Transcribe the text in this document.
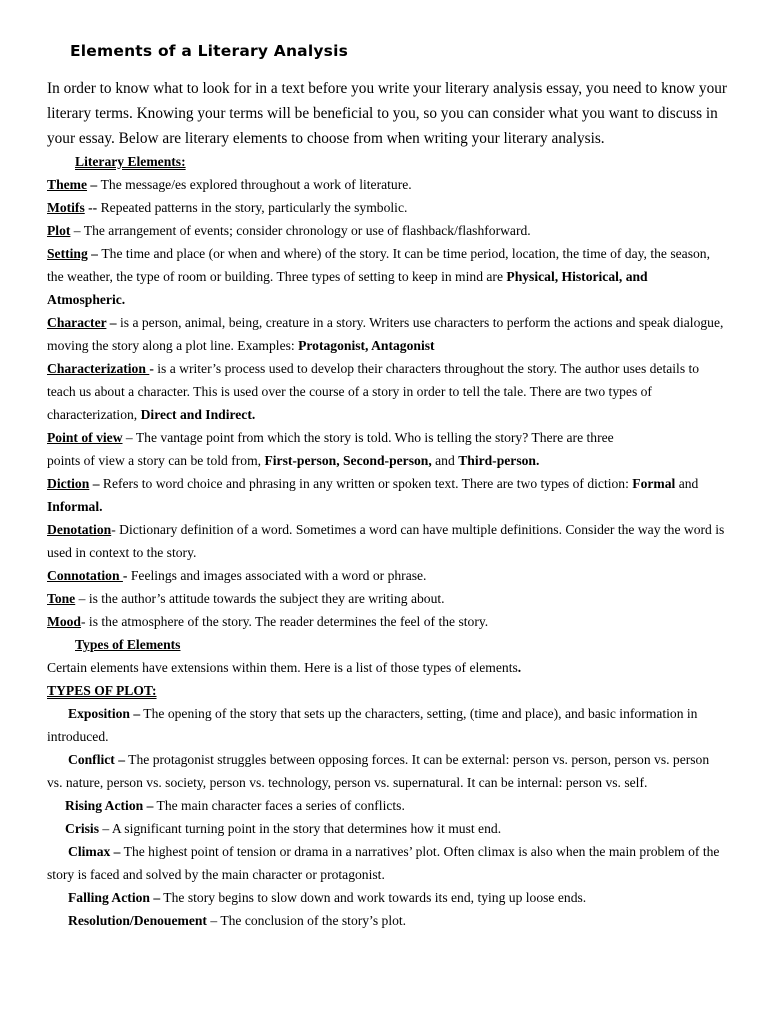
Elements of a Literary Analysis
In order to know what to look for in a text before you write your literary analysis essay, you need to know your literary terms. Knowing your terms will be beneficial to you, so you can consider what you want to discuss in your essay. Below are literary elements to choose from when writing your literary analysis.

Literary Elements:

Theme – The message/es explored throughout a work of literature.

Motifs -- Repeated patterns in the story, particularly the symbolic.

Plot – The arrangement of events; consider chronology or use of flashback/flashforward.

Setting – The time and place (or when and where) of the story. It can be time period, location, the time of day, the season, the weather, the type of room or building. Three types of setting to keep in mind are Physical, Historical, and Atmospheric.

Character – is a person, animal, being, creature in a story. Writers use characters to perform the actions and speak dialogue, moving the story along a plot line. Examples: Protagonist, Antagonist

Characterization - is a writer’s process used to develop their characters throughout the story. The author uses details to teach us about a character. This is used over the course of a story in order to tell the tale. There are two types of characterization, Direct and Indirect.

Point of view – The vantage point from which the story is told. Who is telling the story? There are three

points of view a story can be told from, First-person, Second-person, and Third-person.

Diction – Refers to word choice and phrasing in any written or spoken text. There are two types of diction: Formal and Informal.

Denotation- Dictionary definition of a word. Sometimes a word can have multiple definitions. Consider the way the word is used in context to the story.

Connotation - Feelings and images associated with a word or phrase.

Tone – is the author’s attitude towards the subject they are writing about.

Mood- is the atmosphere of the story. The reader determines the feel of the story.

Types of Elements

Certain elements have extensions within them. Here is a list of those types of elements.

TYPES OF PLOT:

Exposition – The opening of the story that sets up the characters, setting, (time and place), and basic information in introduced.

Conflict – The protagonist struggles between opposing forces. It can be external: person vs. person, person vs. person vs. nature, person vs. society, person vs. technology, person vs. supernatural. It can be internal: person vs. self.

Rising Action – The main character faces a series of conflicts.

Crisis – A significant turning point in the story that determines how it must end.

Climax – The highest point of tension or drama in a narratives’ plot. Often climax is also when the main problem of the story is faced and solved by the main character or protagonist.

Falling Action – The story begins to slow down and work towards its end, tying up loose ends.

Resolution/Denouement – The conclusion of the story’s plot.
